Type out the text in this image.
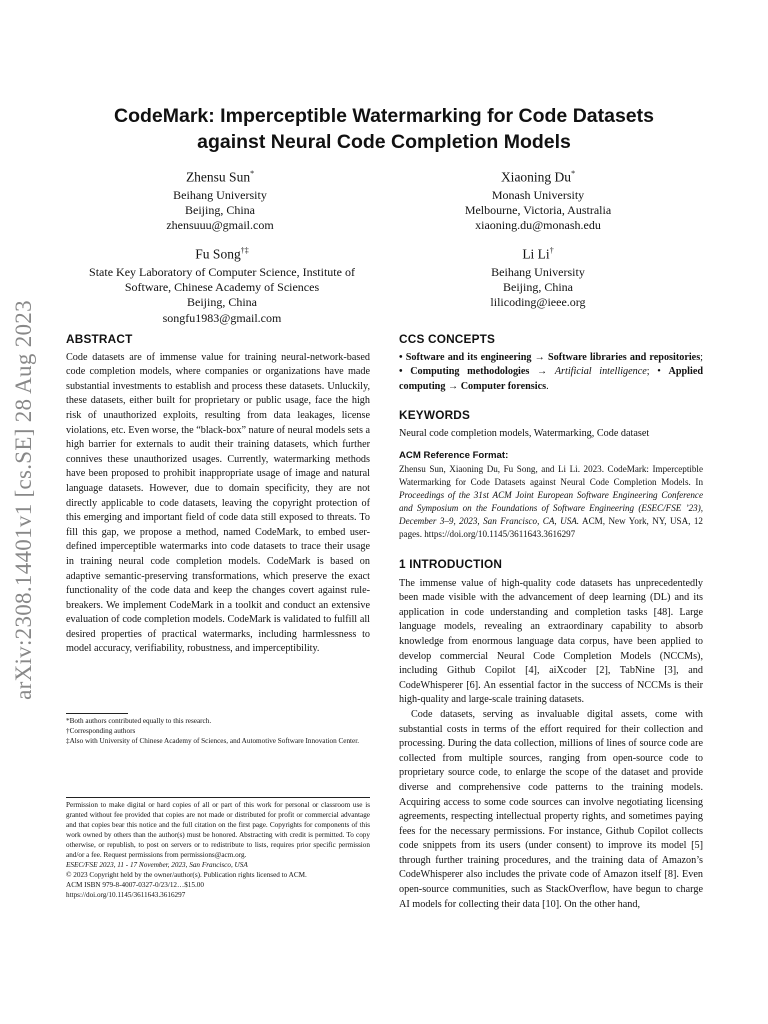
arXiv:2308.14401v1 [cs.SE] 28 Aug 2023
CodeMark: Imperceptible Watermarking for Code Datasets
against Neural Code Completion Models
Zhensu Sun*
Beihang University
Beijing, China
zhensuuu@gmail.com
Xiaoning Du*
Monash University
Melbourne, Victoria, Australia
xiaoning.du@monash.edu
Fu Song†‡
State Key Laboratory of Computer Science, Institute of
Software, Chinese Academy of Sciences
Beijing, China
songfu1983@gmail.com
Li Li†
Beihang University
Beijing, China
lilicoding@ieee.org
ABSTRACT

Code datasets are of immense value for training neural-network-based code completion models, where companies or organizations have made substantial investments to establish and process these datasets. Unluckily, these datasets, either built for proprietary or public usage, face the high risk of unauthorized exploits, resulting from data leakages, license violations, etc. Even worse, the “black-box” nature of neural models sets a high barrier for externals to audit their training datasets, which further connives these unauthorized usages. Currently, watermarking methods have been proposed to prohibit inappropriate usage of image and natural language datasets. However, due to domain specificity, they are not directly applicable to code datasets, leaving the copyright protection of this emerging and important field of code data still exposed to threats. To fill this gap, we propose a method, named CodeMark, to embed user-defined imperceptible watermarks into code datasets to trace their usage in training neural code completion models. CodeMark is based on adaptive semantic-preserving transformations, which preserve the exact functionality of the code data and keep the changes covert against rule-breakers. We implement CodeMark in a toolkit and conduct an extensive evaluation of code completion models. CodeMark is validated to fulfill all desired properties of practical watermarks, including harmlessness to model accuracy, verifiability, robustness, and imperceptibility.

*Both authors contributed equally to this research.
†Corresponding authors
‡Also with University of Chinese Academy of Sciences, and Automotive Software Innovation Center.

Permission to make digital or hard copies of all or part of this work for personal or classroom use is granted without fee provided that copies are not made or distributed for profit or commercial advantage and that copies bear this notice and the full citation on the first page. Copyrights for components of this work owned by others than the author(s) must be honored. Abstracting with credit is permitted. To copy otherwise, or republish, to post on servers or to redistribute to lists, requires prior specific permission and/or a fee. Request permissions from permissions@acm.org.

ESEC/FSE 2023, 11 - 17 November, 2023, San Francisco, USA
© 2023 Copyright held by the owner/author(s). Publication rights licensed to ACM.
ACM ISBN 979-8-4007-0327-0/23/12…$15.00
https://doi.org/10.1145/3611643.3616297
CCS CONCEPTS

• Software and its engineering → Software libraries and repositories; • Computing methodologies → Artificial intelligence; • Applied computing → Computer forensics.

KEYWORDS

Neural code completion models, Watermarking, Code dataset

ACM Reference Format:

Zhensu Sun, Xiaoning Du, Fu Song, and Li Li. 2023. CodeMark: Imperceptible Watermarking for Code Datasets against Neural Code Completion Models. In Proceedings of the 31st ACM Joint European Software Engineering Conference and Symposium on the Foundations of Software Engineering (ESEC/FSE ’23), December 3–9, 2023, San Francisco, CA, USA. ACM, New York, NY, USA, 12 pages. https://doi.org/10.1145/3611643.3616297

1 INTRODUCTION

The immense value of high-quality code datasets has unprecedentedly been made visible with the advancement of deep learning (DL) and its application in code understanding and completion tasks [48]. Large language models, revealing an extraordinary capability to absorb knowledge from enormous language data corpus, have been applied to develop commercial Neural Code Completion Models (NCCMs), including Github Copilot [4], aiXcoder [2], TabNine [3], and CodeWhisperer [6]. An essential factor in the success of NCCMs is their high-quality and large-scale training datasets.

Code datasets, serving as invaluable digital assets, come with substantial costs in terms of the effort required for their collection and processing. During the data collection, millions of lines of source code are collected from multiple sources, ranging from open-source code to proprietary source code, to enlarge the scope of the dataset and provide diverse and comprehensive code patterns to the training models. Acquiring access to some code sources can involve negotiating licensing agreements, respecting intellectual property rights, and sometimes paying fees for the necessary permissions. For instance, Github Copilot collects code snippets from its users (under consent) to improve its model [5] through further training procedures, and the training data of Amazon’s CodeWhisperer also includes the private code of Amazon itself [8]. Even open-source communities, such as StackOverflow, have begun to charge AI models for collecting their data [10]. On the other hand,
